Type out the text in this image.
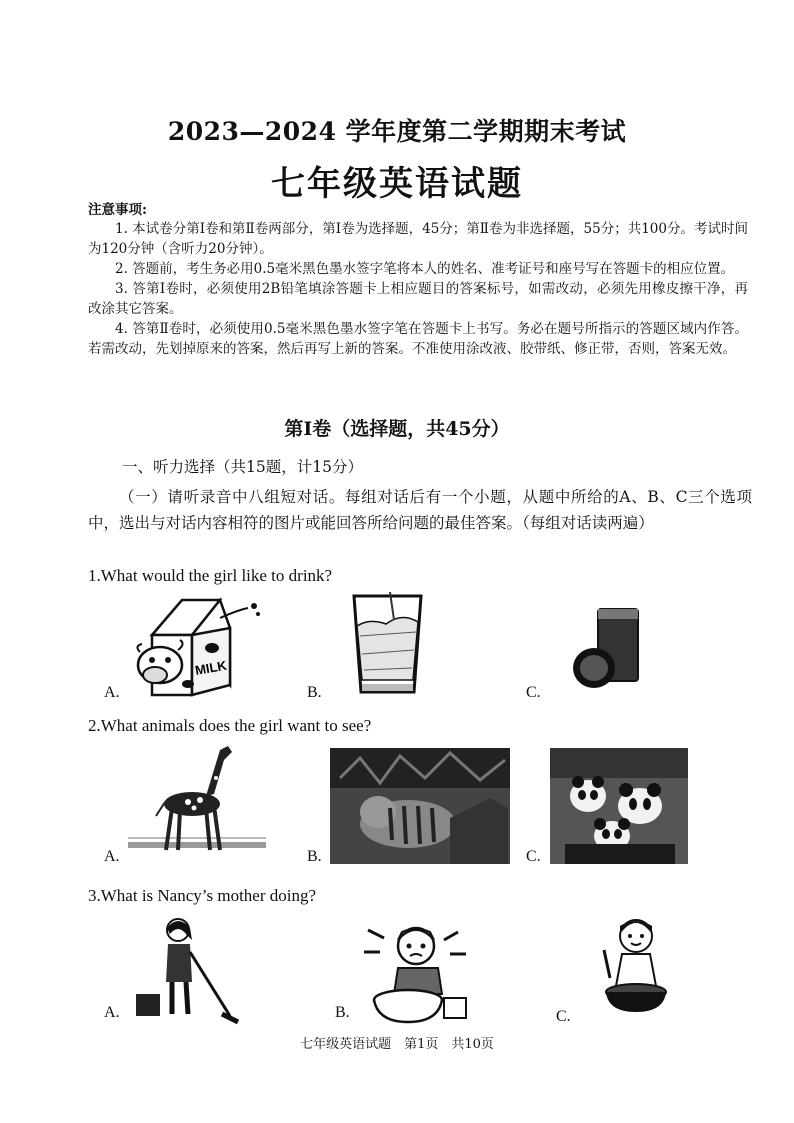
2023—2024 学年度第二学期期末考试
七年级英语试题
注意事项:

1. 本试卷分第Ⅰ卷和第Ⅱ卷两部分，第Ⅰ卷为选择题，45分；第Ⅱ卷为非选择题，55分；共100分。考试时间为120分钟（含听力20分钟）。

2. 答题前，考生务必用0.5毫米黑色墨水签字笔将本人的姓名、准考证号和座号写在答题卡的相应位置。

3. 答第Ⅰ卷时，必须使用2B铅笔填涂答题卡上相应题目的答案标号，如需改动，必须先用橡皮擦干净，再改涂其它答案。

4. 答第Ⅱ卷时，必须使用0.5毫米黑色墨水签字笔在答题卡上书写。务必在题号所指示的答题区域内作答。若需改动，先划掉原来的答案，然后再写上新的答案。不准使用涂改液、胶带纸、修正带，否则，答案无效。

第Ⅰ卷（选择题，共45分）
一、听力选择（共15题，计15分）

（一）请听录音中八组短对话。每组对话后有一个小题，从题中所给的A、B、C三个选项中，选出与对话内容相符的图片或能回答所给问题的最佳答案。（每组对话读两遍）

1.What would the girl like to drink?
A.	B.	C.
MILK
2.What animals does the girl want to see?
A.	B.	C.
3.What is Nancy’s mother doing?
A.	B.	C.
七年级英语试题　第1页　共10页
